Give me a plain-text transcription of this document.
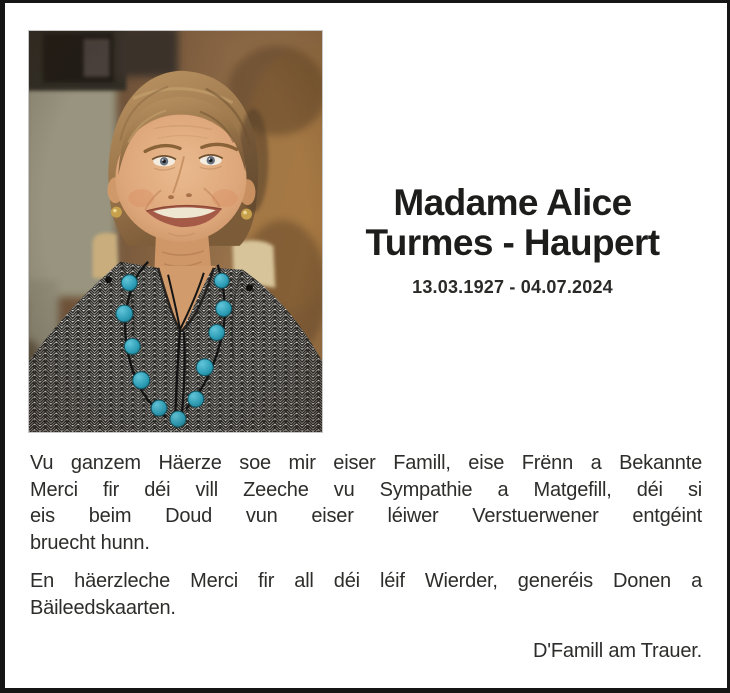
Madame Alice
Turmes - Haupert
13.03.1927 - 04.07.2024
Vu ganzem Häerze soe mir eiser Famill, eise Frënn a Bekannte
Merci fir déi vill Zeeche vu Sympathie a Matgefill, déi si
eis beim Doud vun eiser léiwer Verstuerwener entgéint
bruecht hunn.
En häerzleche Merci fir all déi léif Wierder, generéis Donen a
Bäileedskaarten.
D'Famill am Trauer.
